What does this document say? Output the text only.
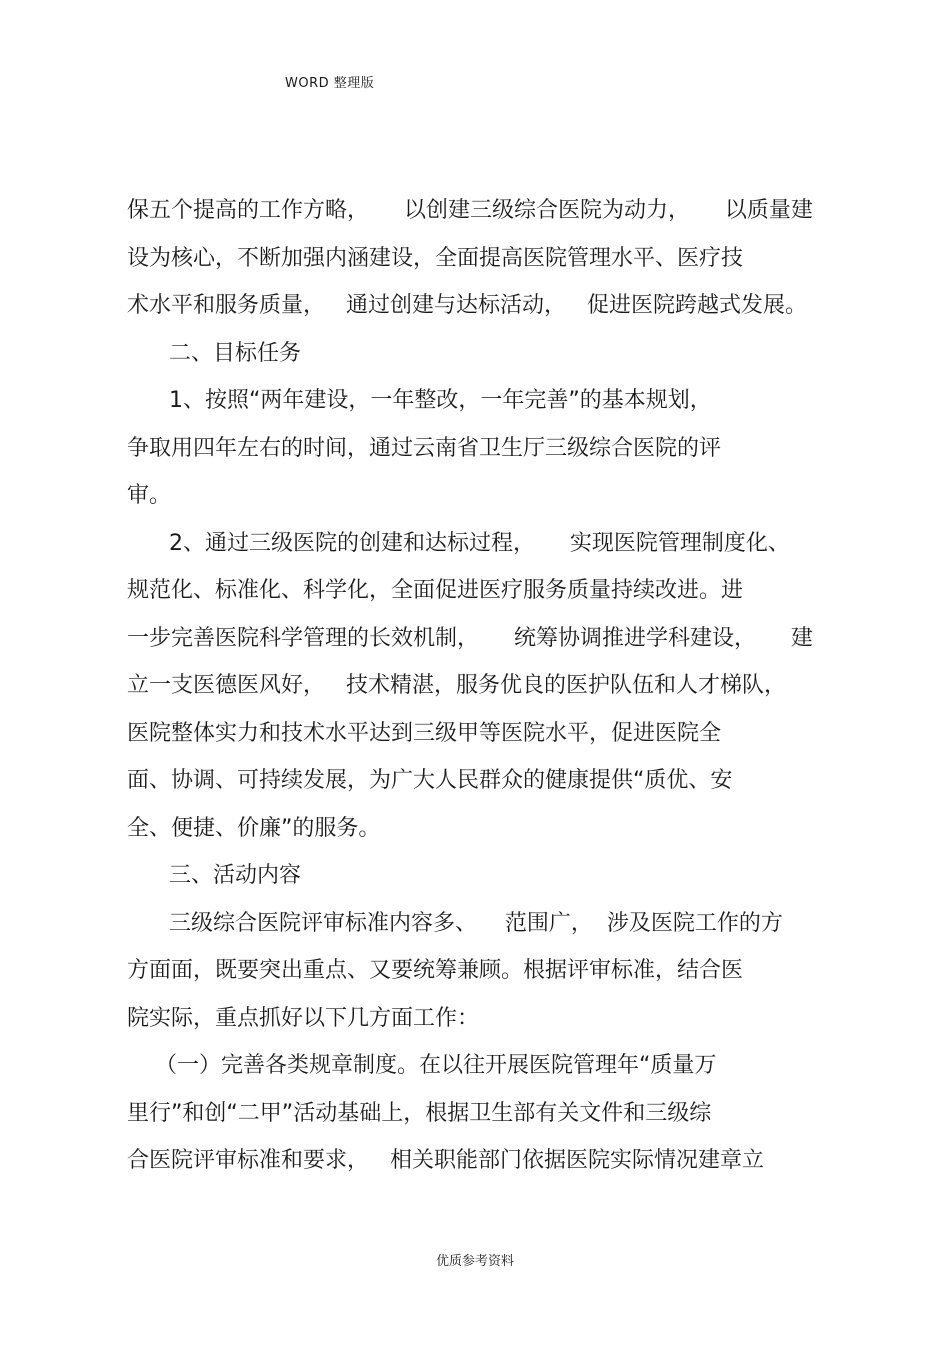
WORD 整理版
保五个提高的工作方略，     以创建三级综合医院为动力，     以质量建
设为核心，不断加强内涵建设，全面提高医院管理水平、医疗技
术水平和服务质量，   通过创建与达标活动，   促进医院跨越式发展。
二、目标任务
1、按照“两年建设，一年整改，一年完善”的基本规划，
争取用四年左右的时间，通过云南省卫生厅三级综合医院的评
审。
2、通过三级医院的创建和达标过程，     实现医院管理制度化、
规范化、标准化、科学化，全面促进医疗服务质量持续改进。进
一步完善医院科学管理的长效机制，     统筹协调推进学科建设，     建
立一支医德医风好，   技术精湛，服务优良的医护队伍和人才梯队，
医院整体实力和技术水平达到三级甲等医院水平，促进医院全
面、协调、可持续发展，为广大人民群众的健康提供“质优、安
全、便捷、价廉”的服务。
三、活动内容
三级综合医院评审标准内容多、    范围广，  涉及医院工作的方
方面面，既要突出重点、又要统筹兼顾。根据评审标准，结合医
院实际，重点抓好以下几方面工作：
（一）完善各类规章制度。在以往开展医院管理年“质量万
里行”和创“二甲”活动基础上，根据卫生部有关文件和三级综
合医院评审标准和要求，   相关职能部门依据医院实际情况建章立
优质参考资料
